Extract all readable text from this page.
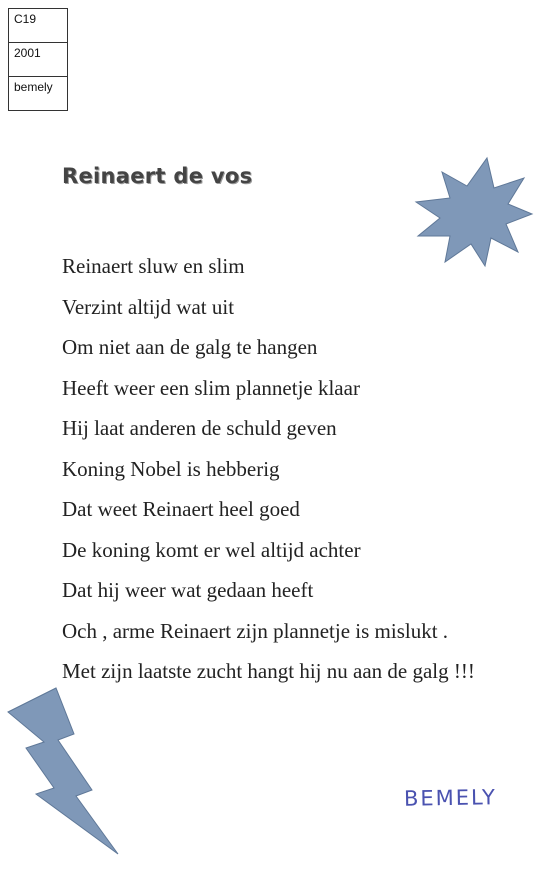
C19
2001
bemely
Reinaert de vos
Reinaert sluw en slim
Verzint altijd wat uit
Om niet aan de galg te hangen
Heeft weer een slim plannetje klaar
Hij laat anderen de schuld geven
Koning Nobel is hebberig
Dat weet Reinaert heel goed
De koning komt er wel altijd achter
Dat hij weer wat gedaan heeft
Och , arme Reinaert zijn plannetje is mislukt .
Met zijn laatste zucht hangt hij nu aan de galg !!!
BEMELY
